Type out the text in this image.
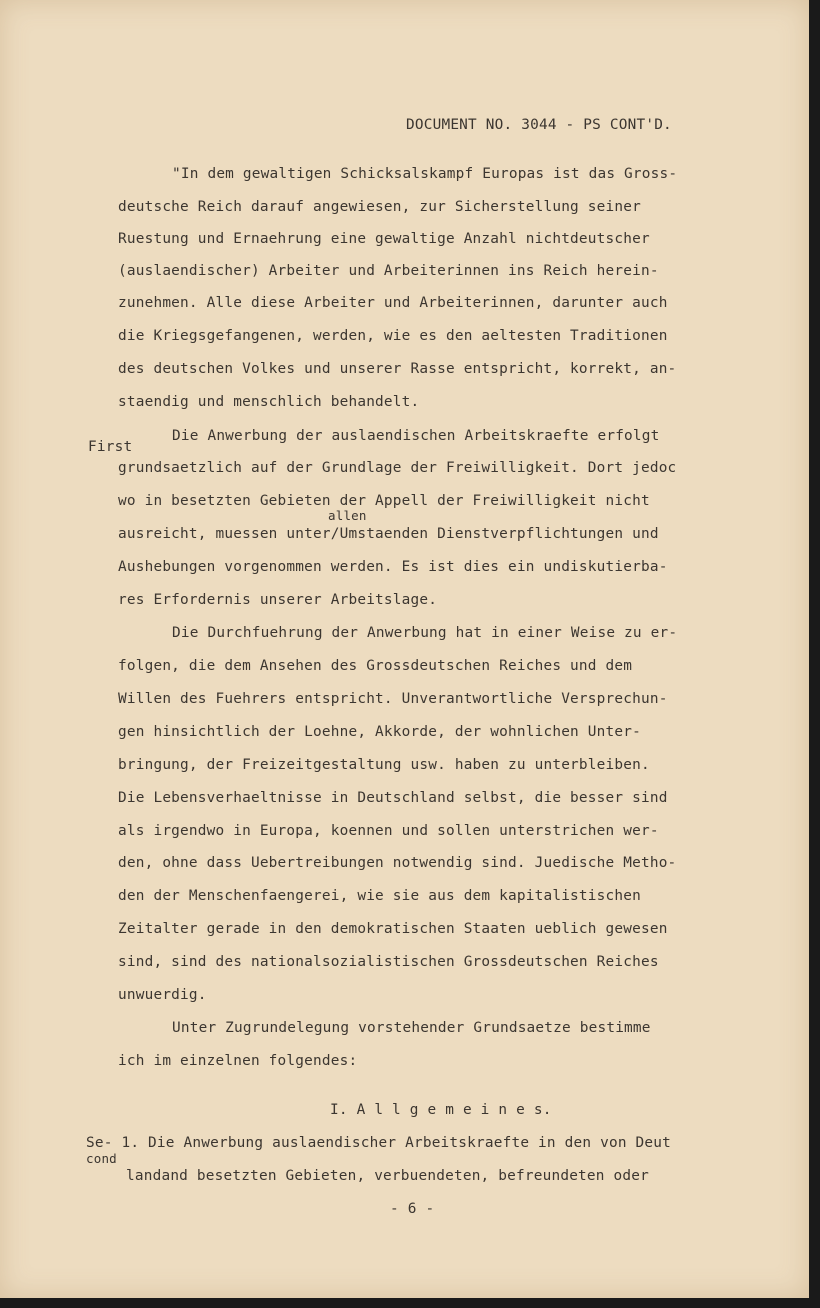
DOCUMENT NO. 3044 - PS CONT'D.
"In dem gewaltigen Schicksalskampf Europas ist das Gross-
deutsche Reich darauf angewiesen, zur Sicherstellung seiner
Ruestung und Ernaehrung eine gewaltige Anzahl nichtdeutscher
(auslaendischer) Arbeiter und Arbeiterinnen ins Reich herein-
zunehmen. Alle diese Arbeiter und Arbeiterinnen, darunter auch
die Kriegsgefangenen, werden, wie es den aeltesten Traditionen
des deutschen Volkes und unserer Rasse entspricht, korrekt, an-
staendig und menschlich behandelt.
First
Die Anwerbung der auslaendischen Arbeitskraefte erfolgt
grundsaetzlich auf der Grundlage der Freiwilligkeit. Dort jedoc
wo in besetzten Gebieten der Appell der Freiwilligkeit nicht
allen
ausreicht, muessen unter/Umstaenden Dienstverpflichtungen und
Aushebungen vorgenommen werden. Es ist dies ein undiskutierba-
res Erfordernis unserer Arbeitslage.
Die Durchfuehrung der Anwerbung hat in einer Weise zu er-
folgen, die dem Ansehen des Grossdeutschen Reiches und dem
Willen des Fuehrers entspricht. Unverantwortliche Versprechun-
gen hinsichtlich der Loehne, Akkorde, der wohnlichen Unter-
bringung, der Freizeitgestaltung usw. haben zu unterbleiben.
Die Lebensverhaeltnisse in Deutschland selbst, die besser sind
als irgendwo in Europa, koennen und sollen unterstrichen wer-
den, ohne dass Uebertreibungen notwendig sind. Juedische Metho-
den der Menschenfaengerei, wie sie aus dem kapitalistischen
Zeitalter gerade in den demokratischen Staaten ueblich gewesen
sind, sind des nationalsozialistischen Grossdeutschen Reiches
unwuerdig.
Unter Zugrundelegung vorstehender Grundsaetze bestimme
ich im einzelnen folgendes:
I. A l l g e m e i n e s.
Se- 1. Die Anwerbung auslaendischer Arbeitskraefte in den von Deut
cond
landand besetzten Gebieten, verbuendeten, befreundeten oder
- 6 -
